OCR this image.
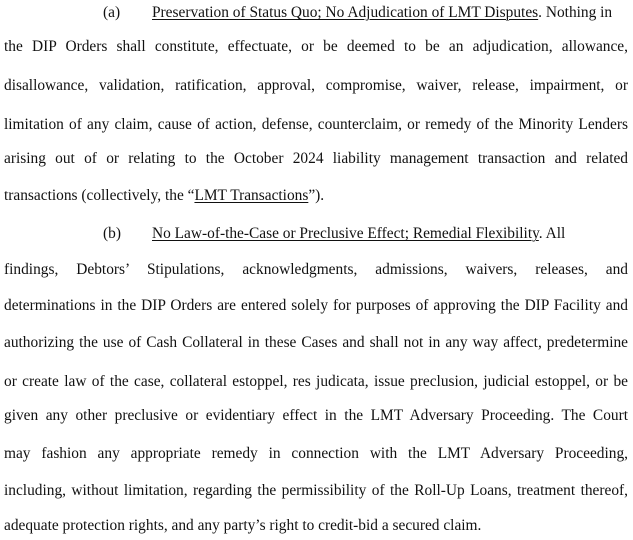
(a) Preservation of Status Quo; No Adjudication of LMT Disputes. Nothing in
the DIP Orders shall constitute, effectuate, or be deemed to be an adjudication, allowance,
disallowance, validation, ratification, approval, compromise, waiver, release, impairment, or
limitation of any claim, cause of action, defense, counterclaim, or remedy of the Minority Lenders
arising out of or relating to the October 2024 liability management transaction and related
transactions (collectively, the “LMT Transactions”).
(b) No Law-of-the-Case or Preclusive Effect; Remedial Flexibility. All
findings, Debtors’ Stipulations, acknowledgments, admissions, waivers, releases, and
determinations in the DIP Orders are entered solely for purposes of approving the DIP Facility and
authorizing the use of Cash Collateral in these Cases and shall not in any way affect, predetermine
or create law of the case, collateral estoppel, res judicata, issue preclusion, judicial estoppel, or be
given any other preclusive or evidentiary effect in the LMT Adversary Proceeding. The Court
may fashion any appropriate remedy in connection with the LMT Adversary Proceeding,
including, without limitation, regarding the permissibility of the Roll-Up Loans, treatment thereof,
adequate protection rights, and any party’s right to credit-bid a secured claim.
